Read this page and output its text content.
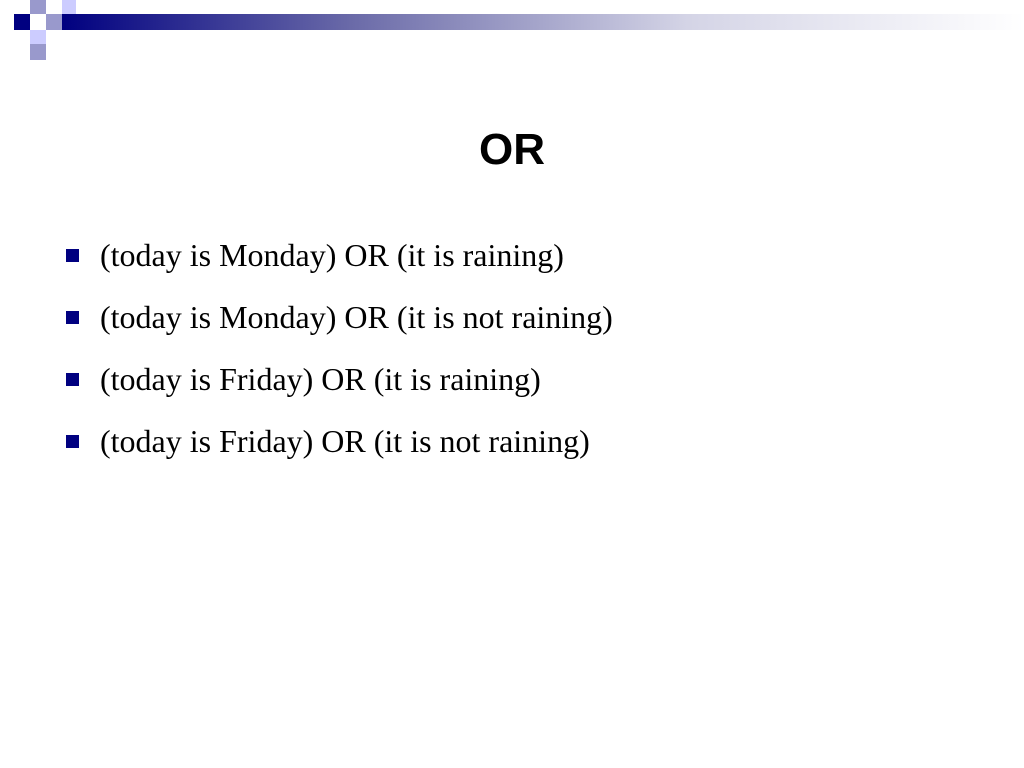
OR
(today is Monday) OR (it is raining)
(today is Monday) OR (it is not raining)
(today is Friday) OR (it is raining)
(today is Friday) OR (it is not raining)
